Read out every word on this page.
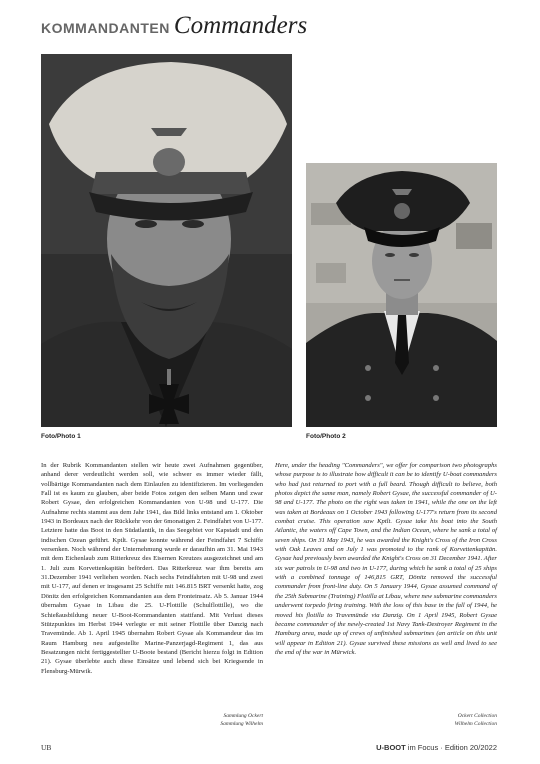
KOMMANDANTEN Commanders
Foto/Photo 1	Foto/Photo 2
In der Rubrik Kommandanten stellen wir heute zwei Aufnahmen gegenüber, anhand derer verdeutlicht werden soll, wie schwer es immer wieder fällt, vollbärtige Kommandanten nach dem Einlaufen zu identifizieren. Im vorliegenden Fall ist es kaum zu glauben, aber beide Fotos zeigen den selben Mann und zwar Robert Gysae, den erfolgreichen Kommandanten von U-98 und U-177. Die Aufnahme rechts stammt aus dem Jahr 1941, das Bild links entstand am 1. Oktober 1943 in Bordeaux nach der Rückkehr von der 6monatigen 2. Feindfahrt von U-177. Letztere hatte das Boot in den Südatlantik, in das Seegebiet vor Kapstadt und den indischen Ozean geführt. Kptlt. Gysae konnte während der Feindfahrt 7 Schiffe versenken. Noch während der Unternehmung wurde er daraufhin am 31. Mai 1943 mit dem Eichenlaub zum Ritterkreuz des Eisernen Kreutzes ausgezeichnet und am 1. Juli zum Korvettenkapitän befördert. Das Ritterkreuz war ihm bereits am 31.Dezember 1941 verliehen worden. Nach sechs Feindfahrten mit U-98 und zwei mit U-177, auf denen er insgesamt 25 Schiffe mit 146.815 BRT versenkt hatte, zog Dönitz den erfolgreichen Kommandanten aus dem Fronteinsatz. Ab 5. Januar 1944 übernahm Gysae in Libau die 25. U-Flottille (Schulflottille), wo die Schießausbildung neuer U-Boot-Kommandanten stattfand. Mit Verlust dieses Stützpunktes im Herbst 1944 verlegte er mit seiner Flottille über Danzig nach Travemünde. Ab 1. April 1945 übernahm Robert Gysae als Kommandeur das im Raum Hamburg neu aufgestellte Marine-Panzerjagd-Regiment 1, das aus Besatzungen nicht fertiggestellter U-Boote bestand (Bericht hierzu folgt in Edition 21). Gysae überlebte auch diese Einsätze und lebend sich bei Kriegsende in Flensburg-Mürwik.
Here, under the heading "Commanders", we offer for comparison two photographs whose purpose is to illustrate how difficult it can be to identify U-boat commanders who had just returned to port with a full beard. Though difficult to believe, both photos depict the same man, namely Robert Gysae, the successful commander of U-98 and U-177. The photo on the right was taken in 1941, while the one on the left was taken at Bordeaux on 1 October 1943 following U-177's return from its second combat cruise. This operation saw Kptlt. Gysae take his boat into the South Atlantic, the waters off Cape Town, and the Indian Ocean, where he sank a total of seven ships. On 31 May 1943, he was awarded the Knight's Cross of the Iron Cross with Oak Leaves and on July 1 was promoted to the rank of Korvettenkapitän. Gysae had previously been awarded the Knight's Cross on 31 December 1941. After six war patrols in U-98 and two in U-177, during which he sank a total of 25 ships with a combined tonnage of 146,815 GRT, Dönitz removed the successful commander from front-line duty. On 5 January 1944, Gysae assumed command of the 25th Submarine (Training) Flotilla at Libau, where new submarine commanders underwent torpedo firing training. With the loss of this base in the fall of 1944, he moved his flotilla to Travemünde via Danzig. On 1 April 1945, Robert Gysae became commander of the newly-created 1st Navy Tank-Destroyer Regiment in the Hamburg area, made up of crews of unfinished submarines (an article on this unit will appear in Edition 21). Gysae survived these missions as well and lived to see the end of the war in Mürwick.
Sammlung Ockert
Sammlung Wilhelm
Ockert Collection
Wilhelm Collection
UB	U-BOOT im Focus · Edition 20/2022
